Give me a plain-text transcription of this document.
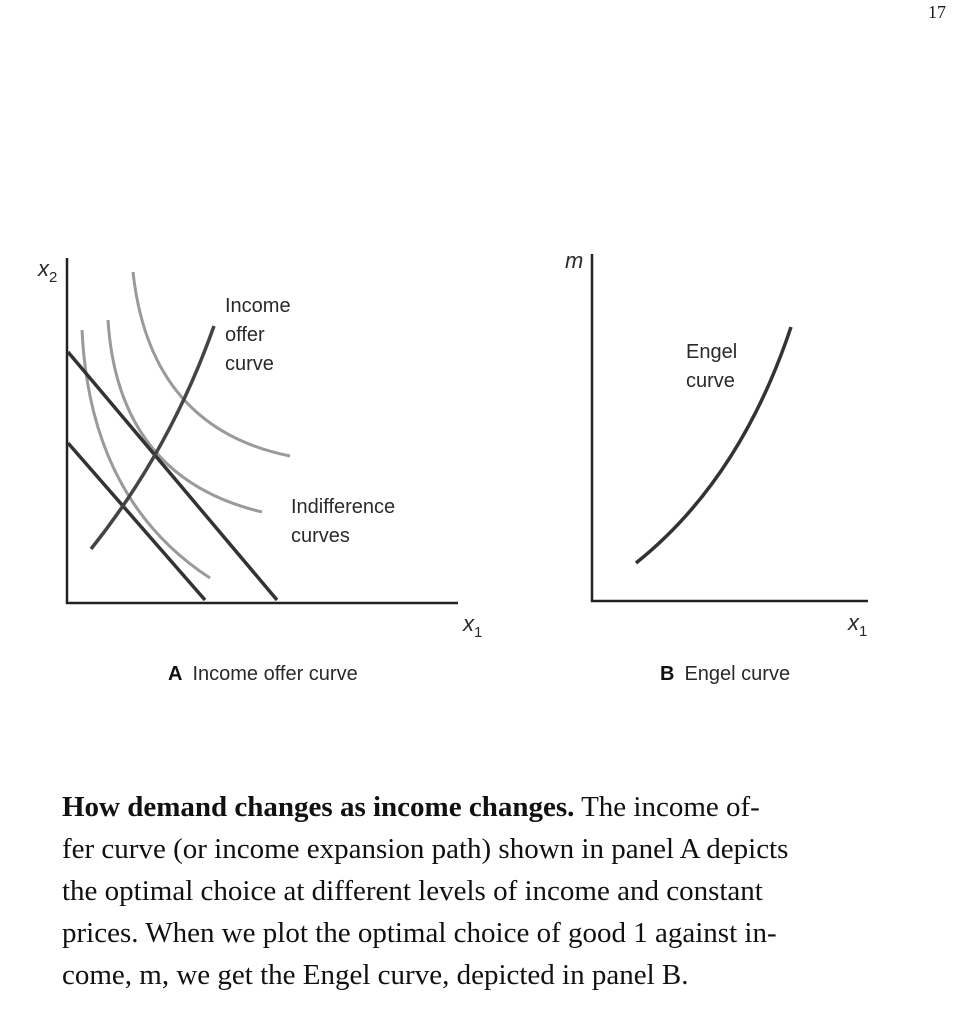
17
$x_2$
$x_1$
Income offer curve
Indifference curves
A Income offer curve
m
$x_1$
Engel curve
B Engel curve
How demand changes as income changes. The income of-
fer curve (or income expansion path) shown in panel A depicts
the optimal choice at different levels of income and constant
prices. When we plot the optimal choice of good 1 against in-
come, m, we get the Engel curve, depicted in panel B.
